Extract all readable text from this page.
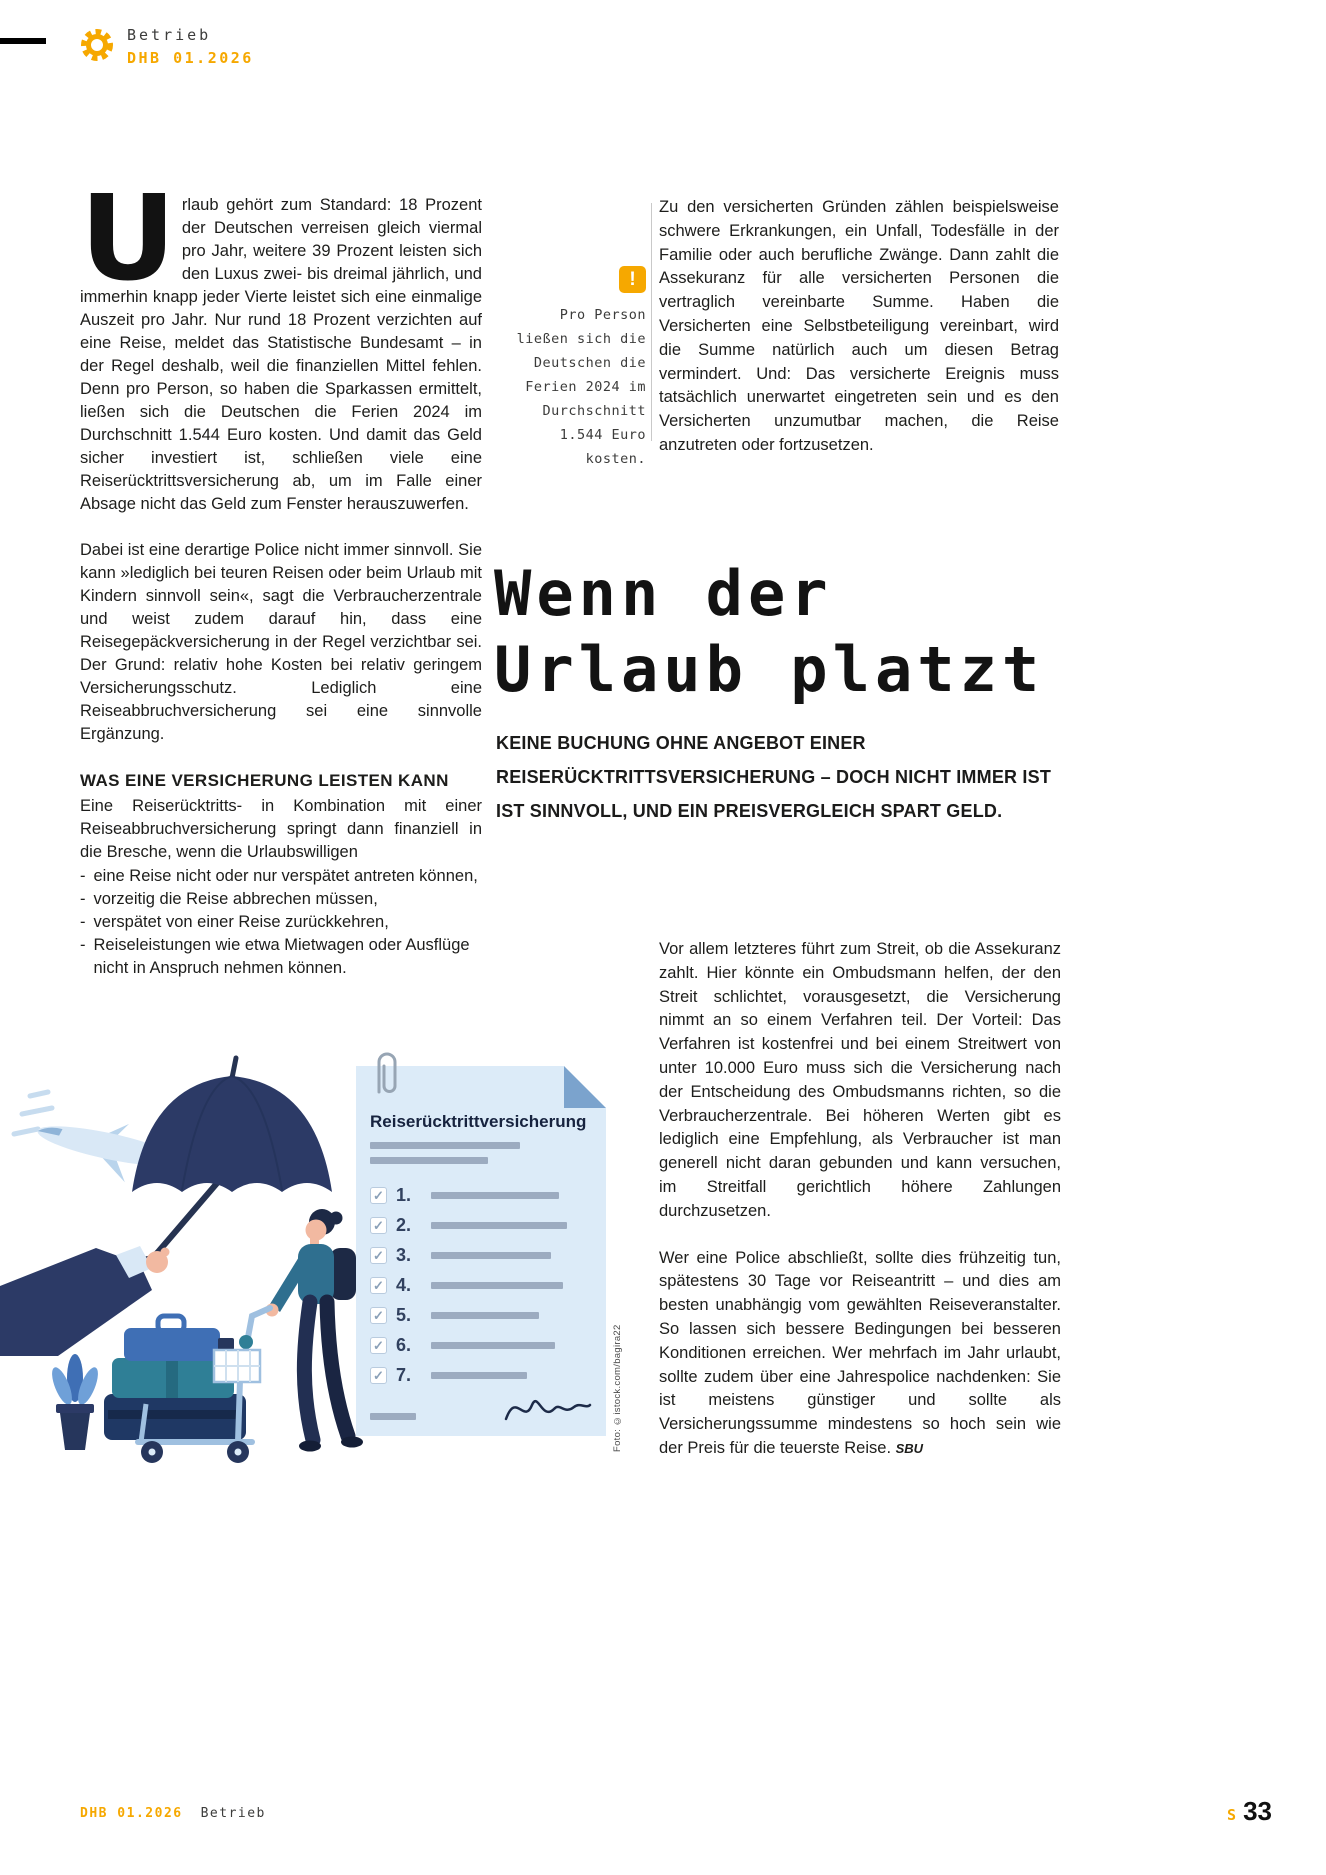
Betrieb
DHB 01.2026

Urlaub gehört zum Standard: 18 Prozent der Deutschen verreisen gleich viermal pro Jahr, weitere 39 Prozent leisten sich den Luxus zwei- bis dreimal jährlich, und immerhin knapp jeder Vierte leistet sich eine einmalige Auszeit pro Jahr. Nur rund 18 Prozent verzichten auf eine Reise, meldet das Statistische Bundesamt – in der Regel deshalb, weil die finanziellen Mittel fehlen. Denn pro Person, so haben die Sparkassen ermittelt, ließen sich die Deutschen die Ferien 2024 im Durchschnitt 1.544 Euro kosten. Und damit das Geld sicher investiert ist, schließen viele eine Reiserücktrittsversicherung ab, um im Falle einer Absage nicht das Geld zum Fenster herauszuwerfen.

Dabei ist eine derartige Police nicht immer sinnvoll. Sie kann »lediglich bei teuren Reisen oder beim Urlaub mit Kindern sinnvoll sein«, sagt die Verbraucherzentrale und weist zudem darauf hin, dass eine Reisegepäckversicherung in der Regel verzichtbar sei. Der Grund: relativ hohe Kosten bei relativ geringem Versicherungsschutz. Lediglich eine Reiseabbruchversicherung sei eine sinnvolle Ergänzung.

WAS EINE VERSICHERUNG LEISTEN KANN

Eine Reiserücktritts- in Kombination mit einer Reiseabbruchversicherung springt dann finanziell in die Bresche, wenn die Urlaubswilligen

- eine Reise nicht oder nur verspätet antreten können,
- vorzeitig die Reise abbrechen müssen,
- verspätet von einer Reise zurückkehren,
- Reiseleistungen wie etwa Mietwagen oder Ausflüge nicht in Anspruch nehmen können.
!
Pro Person
ließen sich die
Deutschen die
Ferien 2024 im
Durchschnitt
1.544 Euro kosten.

Zu den versicherten Gründen zählen beispielsweise schwere Erkrankungen, ein Unfall, Todesfälle in der Familie oder auch berufliche Zwänge. Dann zahlt die Assekuranz für alle versicherten Personen die vertraglich vereinbarte Summe. Haben die Versicherten eine Selbstbeteiligung vereinbart, wird die Summe natürlich auch um diesen Betrag vermindert. Und: Das versicherte Ereignis muss tatsächlich unerwartet eingetreten sein und es den Versicherten unzumutbar machen, die Reise anzutreten oder fortzusetzen.

Wenn der
Urlaub platzt

KEINE BUCHUNG OHNE ANGEBOT EINER
REISERÜCKTRITTSVERSICHERUNG – DOCH NICHT IMMER IST
IST SINNVOLL, UND EIN PREISVERGLEICH SPART GELD.

Vor allem letzteres führt zum Streit, ob die Assekuranz zahlt. Hier könnte ein Ombudsmann helfen, der den Streit schlichtet, vorausgesetzt, die Versicherung nimmt an so einem Verfahren teil. Der Vorteil: Das Verfahren ist kostenfrei und bei einem Streitwert von unter 10.000 Euro muss sich die Versicherung nach der Entscheidung des Ombudsmanns richten, so die Verbraucherzentrale. Bei höheren Werten gibt es lediglich eine Empfehlung, als Verbraucher ist man generell nicht daran gebunden und kann versuchen, im Streitfall gerichtlich höhere Zahlungen durchzusetzen.

Wer eine Police abschließt, sollte dies frühzeitig tun, spätestens 30 Tage vor Reiseantritt – und dies am besten unabhängig vom gewählten Reiseveranstalter. So lassen sich bessere Bedingungen bei besseren Konditionen erreichen. Wer mehrfach im Jahr urlaubt, sollte zudem über eine Jahrespolice nachdenken: Sie ist meistens günstiger und sollte als Versicherungssumme mindestens so hoch sein wie der Preis für die teuerste Reise. SBU

Reiserücktrittversicherung
✓ 1.
✓ 2.
✓ 3.
✓ 4.
✓ 5.
✓ 6.
✓ 7.	Foto: ©istock.com/bagira22
DHB 01.2026 Betrieb	S 33
